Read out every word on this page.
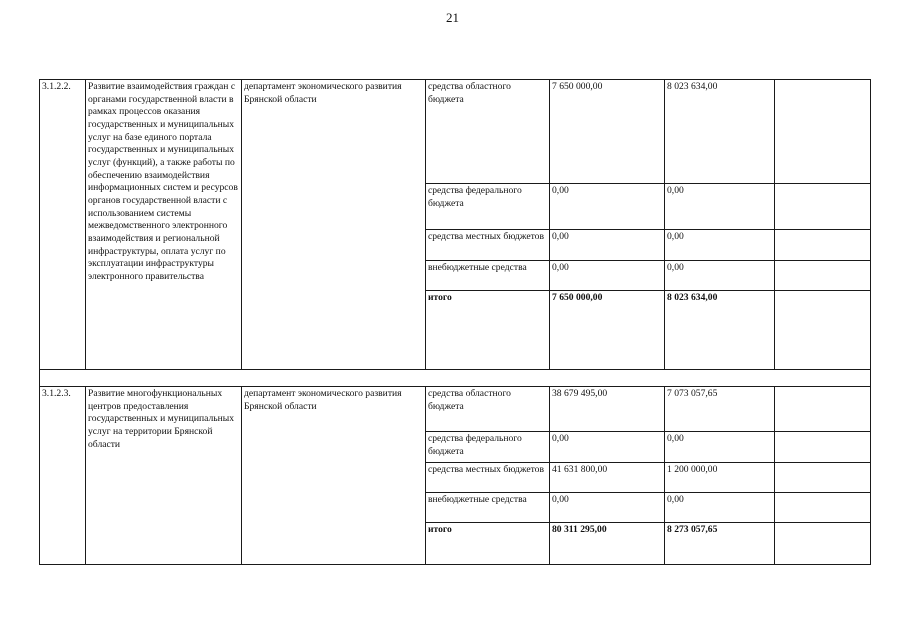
21
3.1.2.2.	Развитие взаимодействия граждан с органами государственной власти в рамках процессов оказания государственных и муниципальных услуг на базе единого портала государственных и муниципальных услуг (функций), а также работы по обеспечению взаимодействия информационных систем и ресурсов органов государственной власти с использованием системы межведомственного электронного взаимодействия и региональной инфраструктуры, оплата услуг по эксплуатации инфраструктуры электронного правительства	департамент экономического развития Брянской области	средства областного бюджета	7 650 000,00	8 023 634,00	
			средства федерального бюджета	0,00	0,00	
			средства местных бюджетов	0,00	0,00	
			внебюджетные средства	0,00	0,00	
			итого	7 650 000,00	8 023 634,00	

3.1.2.3.	Развитие многофункциональных центров предоставления государственных и муниципальных услуг на территории Брянской области	департамент экономического развития Брянской области	средства областного бюджета	38 679 495,00	7 073 057,65	
			средства федерального бюджета	0,00	0,00	
			средства местных бюджетов	41 631 800,00	1 200 000,00	
			внебюджетные средства	0,00	0,00	
			итого	80 311 295,00	8 273 057,65	
